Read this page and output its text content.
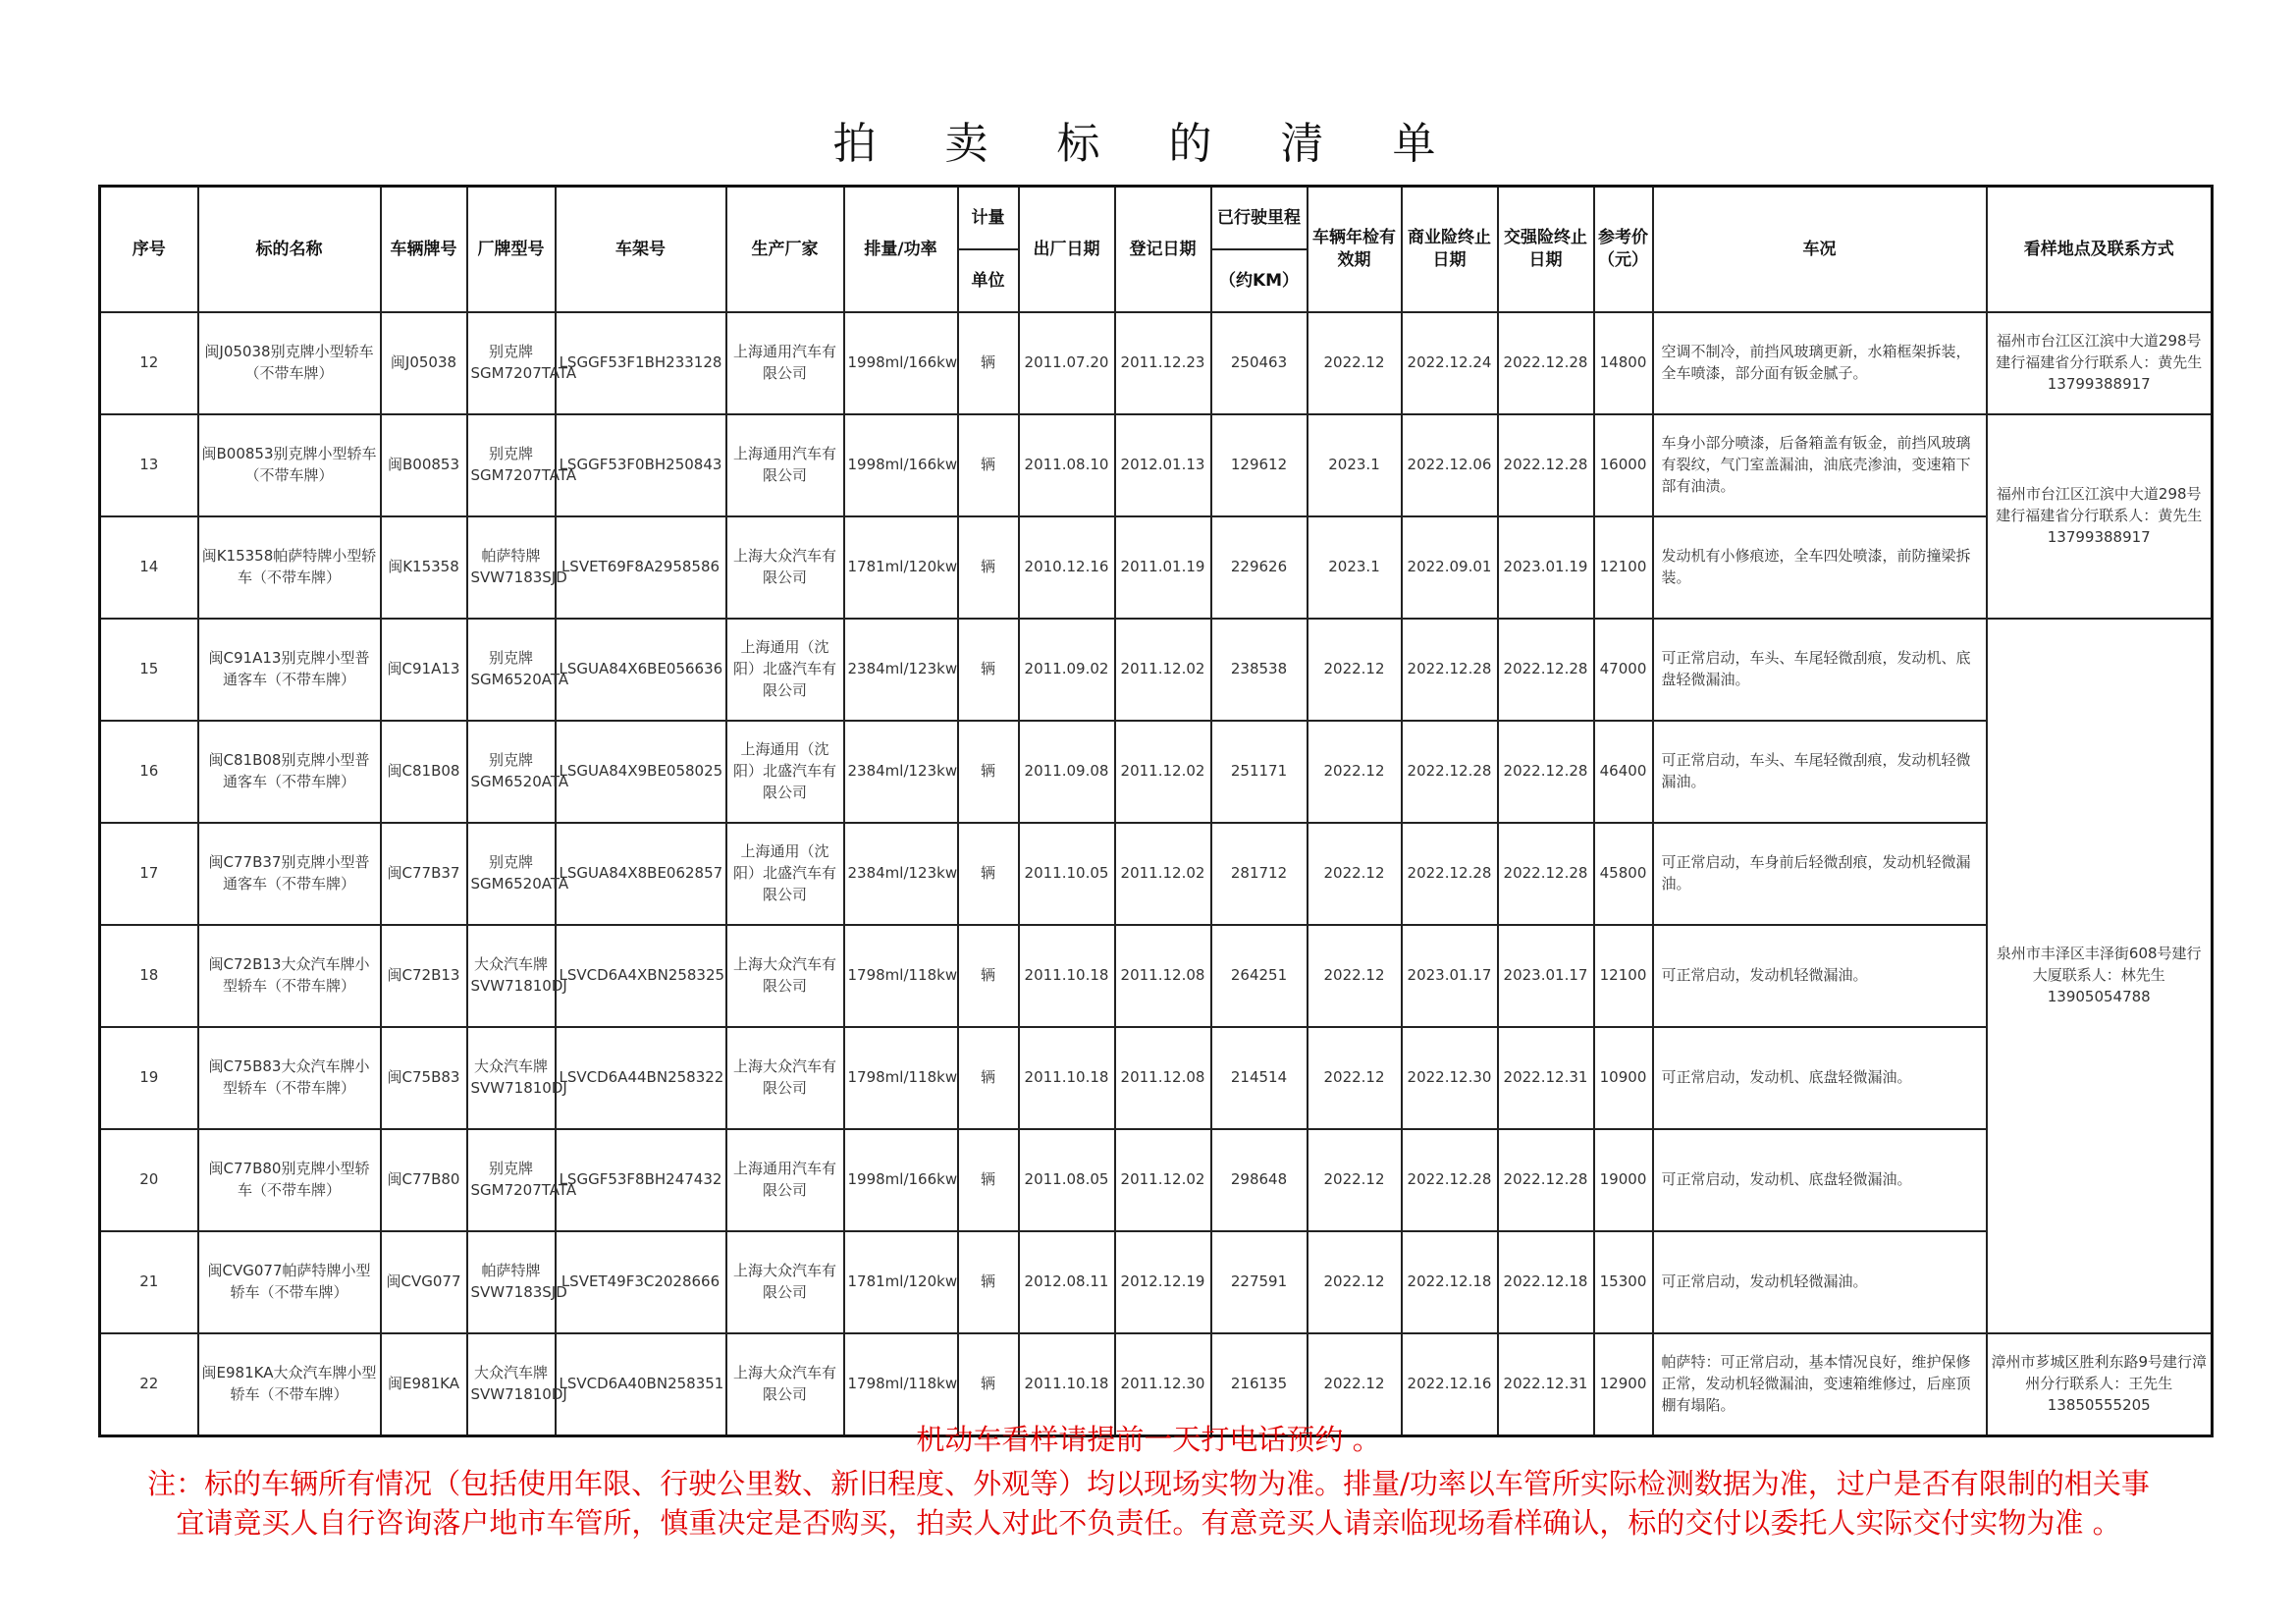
拍 卖 标 的 清 单
序号	标的名称	车辆牌号	厂牌型号	车架号	生产厂家	排量/功率	计量	出厂日期	登记日期	已行驶里程	车辆年检有效期	商业险终止日期	交强险终止日期	参考价（元）	车况	看样地点及联系方式
							单位			（约KM）						
12	闽J05038别克牌小型轿车（不带车牌）	闽J05038	别克牌SGM7207TATA	LSGGF53F1BH233128	上海通用汽车有限公司	1998ml/166kw	辆	2011.07.20	2011.12.23	250463	2022.12	2022.12.24	2022.12.28	14800	空调不制冷，前挡风玻璃更新，水箱框架拆装，全车喷漆，部分面有钣金腻子。	福州市台江区江滨中大道298号建行福建省分行联系人：黄先生13799388917
13	闽B00853别克牌小型轿车（不带车牌）	闽B00853	别克牌SGM7207TATA	LSGGF53F0BH250843	上海通用汽车有限公司	1998ml/166kw	辆	2011.08.10	2012.01.13	129612	2023.1	2022.12.06	2022.12.28	16000	车身小部分喷漆，后备箱盖有钣金，前挡风玻璃有裂纹，气门室盖漏油，油底壳渗油，变速箱下部有油渍。	福州市台江区江滨中大道298号建行福建省分行联系人：黄先生13799388917
14	闽K15358帕萨特牌小型轿车（不带车牌）	闽K15358	帕萨特牌SVW7183SJD	LSVET69F8A2958586	上海大众汽车有限公司	1781ml/120kw	辆	2010.12.16	2011.01.19	229626	2023.1	2022.09.01	2023.01.19	12100	发动机有小修痕迹，全车四处喷漆，前防撞梁拆装。	
15	闽C91A13别克牌小型普通客车（不带车牌）	闽C91A13	别克牌SGM6520ATA	LSGUA84X6BE056636	上海通用（沈阳）北盛汽车有限公司	2384ml/123kw	辆	2011.09.02	2011.12.02	238538	2022.12	2022.12.28	2022.12.28	47000	可正常启动，车头、车尾轻微刮痕，发动机、底盘轻微漏油。	泉州市丰泽区丰泽街608号建行大厦联系人：林先生13905054788
16	闽C81B08别克牌小型普通客车（不带车牌）	闽C81B08	别克牌SGM6520ATA	LSGUA84X9BE058025	上海通用（沈阳）北盛汽车有限公司	2384ml/123kw	辆	2011.09.08	2011.12.02	251171	2022.12	2022.12.28	2022.12.28	46400	可正常启动，车头、车尾轻微刮痕，发动机轻微漏油。	
17	闽C77B37别克牌小型普通客车（不带车牌）	闽C77B37	别克牌SGM6520ATA	LSGUA84X8BE062857	上海通用（沈阳）北盛汽车有限公司	2384ml/123kw	辆	2011.10.05	2011.12.02	281712	2022.12	2022.12.28	2022.12.28	45800	可正常启动，车身前后轻微刮痕，发动机轻微漏油。	
18	闽C72B13大众汽车牌小型轿车（不带车牌）	闽C72B13	大众汽车牌SVW71810DJ	LSVCD6A4XBN258325	上海大众汽车有限公司	1798ml/118kw	辆	2011.10.18	2011.12.08	264251	2022.12	2023.01.17	2023.01.17	12100	可正常启动，发动机轻微漏油。	
19	闽C75B83大众汽车牌小型轿车（不带车牌）	闽C75B83	大众汽车牌SVW71810DJ	LSVCD6A44BN258322	上海大众汽车有限公司	1798ml/118kw	辆	2011.10.18	2011.12.08	214514	2022.12	2022.12.30	2022.12.31	10900	可正常启动，发动机、底盘轻微漏油。	
20	闽C77B80别克牌小型轿车（不带车牌）	闽C77B80	别克牌SGM7207TATA	LSGGF53F8BH247432	上海通用汽车有限公司	1998ml/166kw	辆	2011.08.05	2011.12.02	298648	2022.12	2022.12.28	2022.12.28	19000	可正常启动，发动机、底盘轻微漏油。	
21	闽CVG077帕萨特牌小型轿车（不带车牌）	闽CVG077	帕萨特牌SVW7183SJD	LSVET49F3C2028666	上海大众汽车有限公司	1781ml/120kw	辆	2012.08.11	2012.12.19	227591	2022.12	2022.12.18	2022.12.18	15300	可正常启动，发动机轻微漏油。	
22	闽E981KA大众汽车牌小型轿车（不带车牌）	闽E981KA	大众汽车牌SVW71810DJ	LSVCD6A40BN258351	上海大众汽车有限公司	1798ml/118kw	辆	2011.10.18	2011.12.30	216135	2022.12	2022.12.16	2022.12.31	12900	帕萨特：可正常启动，基本情况良好，维护保修正常，发动机轻微漏油，变速箱维修过，后座顶棚有塌陷。	漳州市芗城区胜利东路9号建行漳州分行联系人：王先生13850555205
机动车看样请提前一天打电话预约 。
注：标的车辆所有情况（包括使用年限、行驶公里数、新旧程度、外观等）均以现场实物为准。排量/功率以车管所实际检测数据为准，过户是否有限制的相关事宜请竟买人自行咨询落户地市车管所，慎重决定是否购买，拍卖人对此不负责任。有意竞买人请亲临现场看样确认，标的交付以委托人实际交付实物为准 。
